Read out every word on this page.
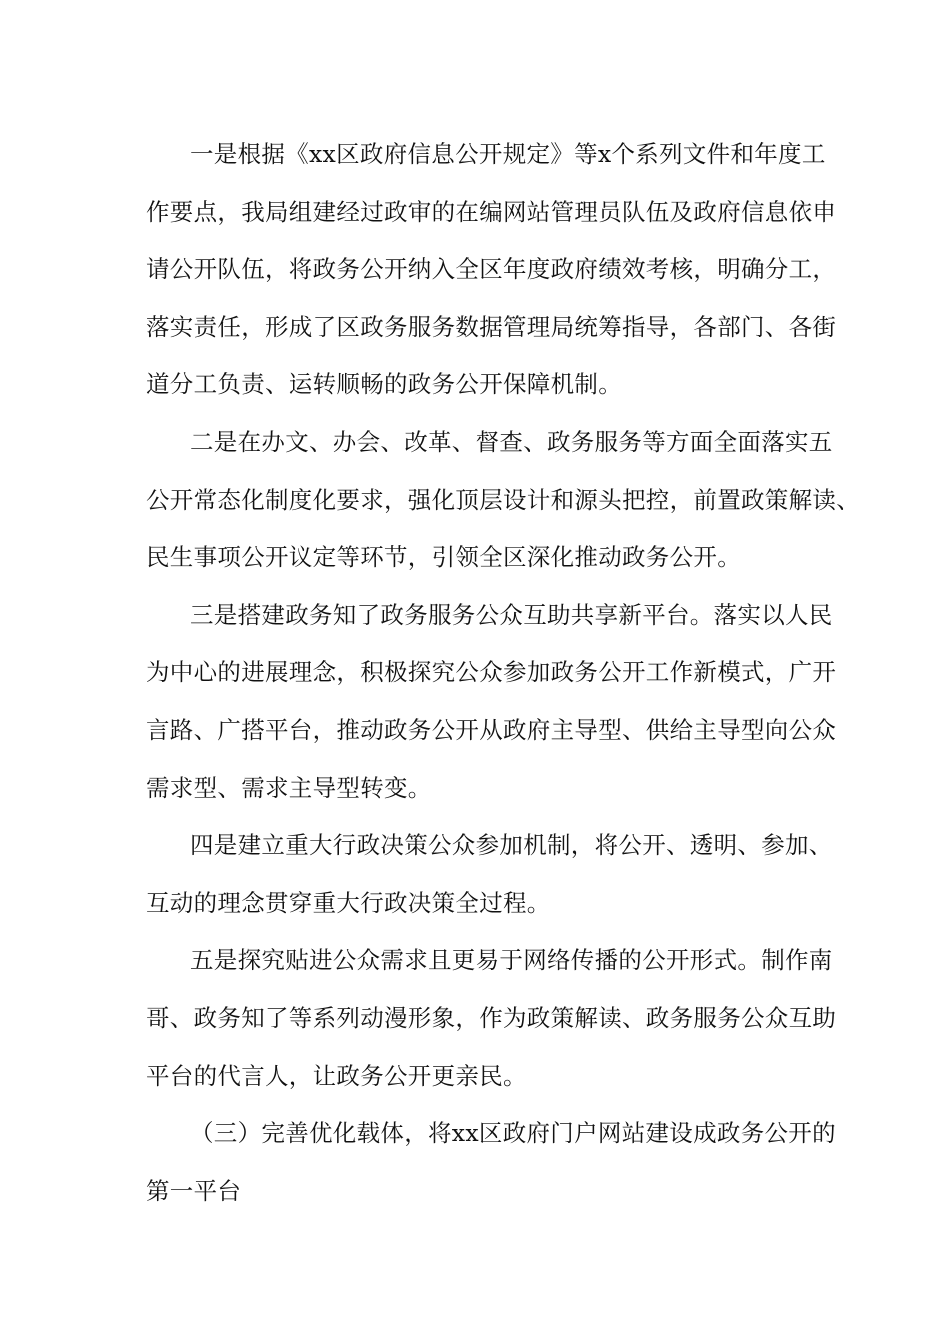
一是根据《xx区政府信息公开规定》等x个系列文件和年度工
作要点，我局组建经过政审的在编网站管理员队伍及政府信息依申
请公开队伍，将政务公开纳入全区年度政府绩效考核，明确分工，
落实责任，形成了区政务服务数据管理局统筹指导，各部门、各街
道分工负责、运转顺畅的政务公开保障机制。
二是在办文、办会、改革、督查、政务服务等方面全面落实五
公开常态化制度化要求，强化顶层设计和源头把控，前置政策解读、
民生事项公开议定等环节，引领全区深化推动政务公开。
三是搭建政务知了政务服务公众互助共享新平台。落实以人民
为中心的进展理念，积极探究公众参加政务公开工作新模式，广开
言路、广搭平台，推动政务公开从政府主导型、供给主导型向公众
需求型、需求主导型转变。
四是建立重大行政决策公众参加机制，将公开、透明、参加、
互动的理念贯穿重大行政决策全过程。
五是探究贴进公众需求且更易于网络传播的公开形式。制作南
哥、政务知了等系列动漫形象，作为政策解读、政务服务公众互助
平台的代言人，让政务公开更亲民。
（三）完善优化载体，将xx区政府门户网站建设成政务公开的
第一平台
